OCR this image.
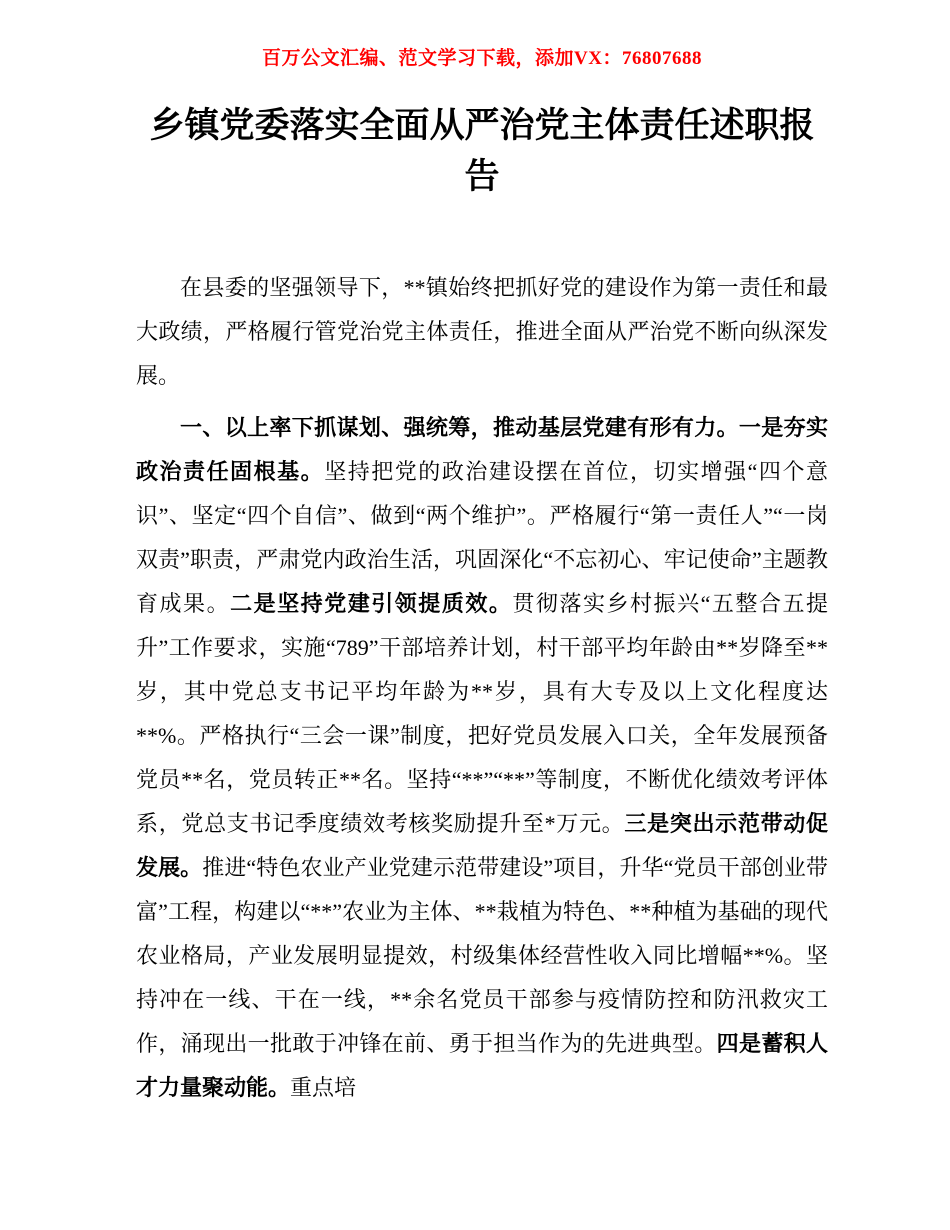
百万公文汇编、范文学习下载，添加VX：76807688
乡镇党委落实全面从严治党主体责任述职报告

在县委的坚强领导下，**镇始终把抓好党的建设作为第一责任和最大政绩，严格履行管党治党主体责任，推进全面从严治党不断向纵深发展。

一、以上率下抓谋划、强统筹，推动基层党建有形有力。一是夯实政治责任固根基。坚持把党的政治建设摆在首位，切实增强“四个意识”、坚定“四个自信”、做到“两个维护”。严格履行“第一责任人”“一岗双责”职责，严肃党内政治生活，巩固深化“不忘初心、牢记使命”主题教育成果。二是坚持党建引领提质效。贯彻落实乡村振兴“五整合五提升”工作要求，实施“789”干部培养计划，村干部平均年龄由**岁降至**岁，其中党总支书记平均年龄为**岁，具有大专及以上文化程度达**%。严格执行“三会一课”制度，把好党员发展入口关，全年发展预备党员**名，党员转正**名。坚持“**”“**”等制度，不断优化绩效考评体系，党总支书记季度绩效考核奖励提升至*万元。三是突出示范带动促发展。推进“特色农业产业党建示范带建设”项目，升华“党员干部创业带富”工程，构建以“**”农业为主体、**栽植为特色、**种植为基础的现代农业格局，产业发展明显提效，村级集体经营性收入同比增幅**%。坚持冲在一线、干在一线，**余名党员干部参与疫情防控和防汛救灾工作，涌现出一批敢于冲锋在前、勇于担当作为的先进典型。四是蓄积人才力量聚动能。重点培
